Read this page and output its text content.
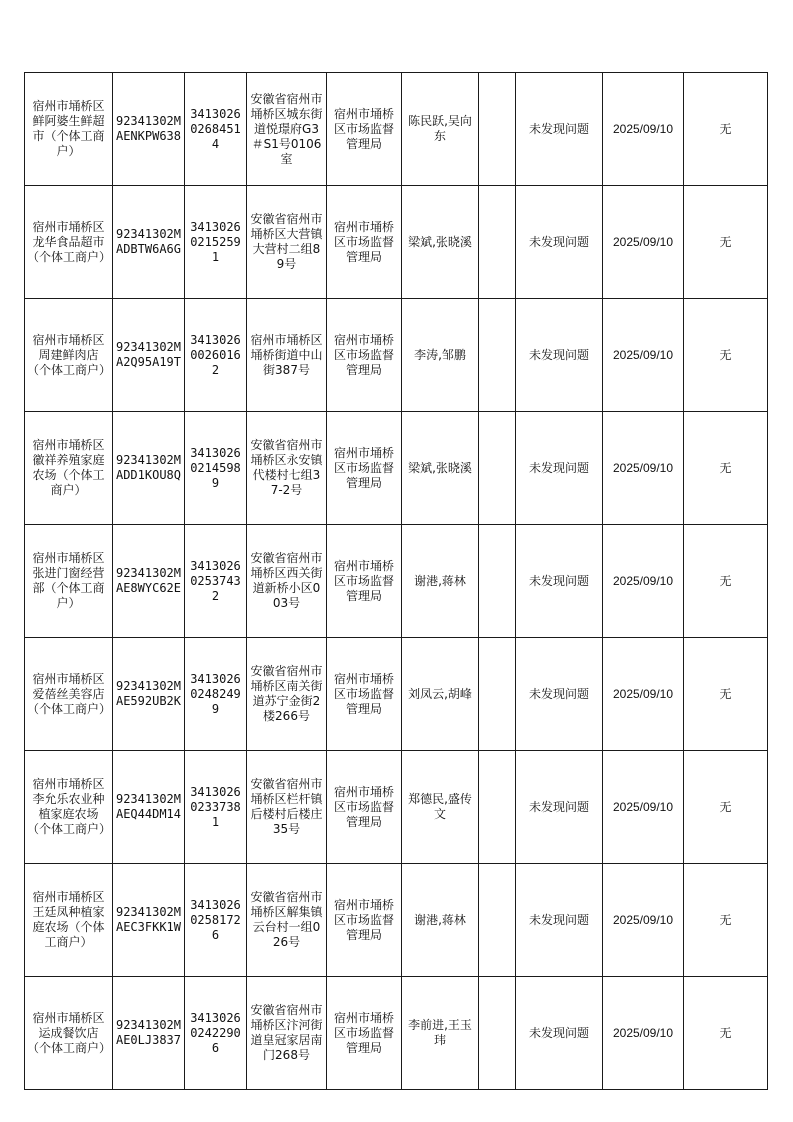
宿州市埇桥区鲜阿婆生鲜超市（个体工商户）	92341302MAENKPW638	341302602684514	安徽省宿州市埇桥区城东街道悦璟府G3＃S1号0106室	宿州市埇桥区市场监督管理局	陈民跃,吴向东		未发现问题	2025/09/10	无
宿州市埇桥区龙华食品超市（个体工商户）	92341302MADBTW6A6G	341302602152591	安徽省宿州市埇桥区大营镇大营村二组89号	宿州市埇桥区市场监督管理局	梁斌,张晓溪		未发现问题	2025/09/10	无
宿州市埇桥区周建鲜肉店（个体工商户）	92341302MA2Q95A19T	341302600260162	宿州市埇桥区埇桥街道中山街387号	宿州市埇桥区市场监督管理局	李涛,邹鹏		未发现问题	2025/09/10	无
宿州市埇桥区徽祥养殖家庭农场（个体工商户）	92341302MADD1KOU8Q	341302602145989	安徽省宿州市埇桥区永安镇代楼村七组37-2号	宿州市埇桥区市场监督管理局	梁斌,张晓溪		未发现问题	2025/09/10	无
宿州市埇桥区张进门窗经营部（个体工商户）	92341302MAE8WYC62E	341302602537432	安徽省宿州市埇桥区西关街道新桥小区003号	宿州市埇桥区市场监督管理局	谢港,蒋林		未发现问题	2025/09/10	无
宿州市埇桥区爱蓓丝美容店（个体工商户）	92341302MAE592UB2K	341302602482499	安徽省宿州市埇桥区南关街道苏宁金街2楼266号	宿州市埇桥区市场监督管理局	刘凤云,胡峰		未发现问题	2025/09/10	无
宿州市埇桥区李允乐农业种植家庭农场（个体工商户）	92341302MAEQ44DM14	341302602337381	安徽省宿州市埇桥区栏杆镇后楼村后楼庄35号	宿州市埇桥区市场监督管理局	郑德民,盛传文		未发现问题	2025/09/10	无
宿州市埇桥区王廷凤种植家庭农场（个体工商户）	92341302MAEC3FKK1W	341302602581726	安徽省宿州市埇桥区解集镇云台村一组026号	宿州市埇桥区市场监督管理局	谢港,蒋林		未发现问题	2025/09/10	无
宿州市埇桥区运成餐饮店（个体工商户）	92341302MAE0LJ3837	341302602422906	安徽省宿州市埇桥区汴河街道皇冠家居南门268号	宿州市埇桥区市场监督管理局	李前进,王玉玮		未发现问题	2025/09/10	无
